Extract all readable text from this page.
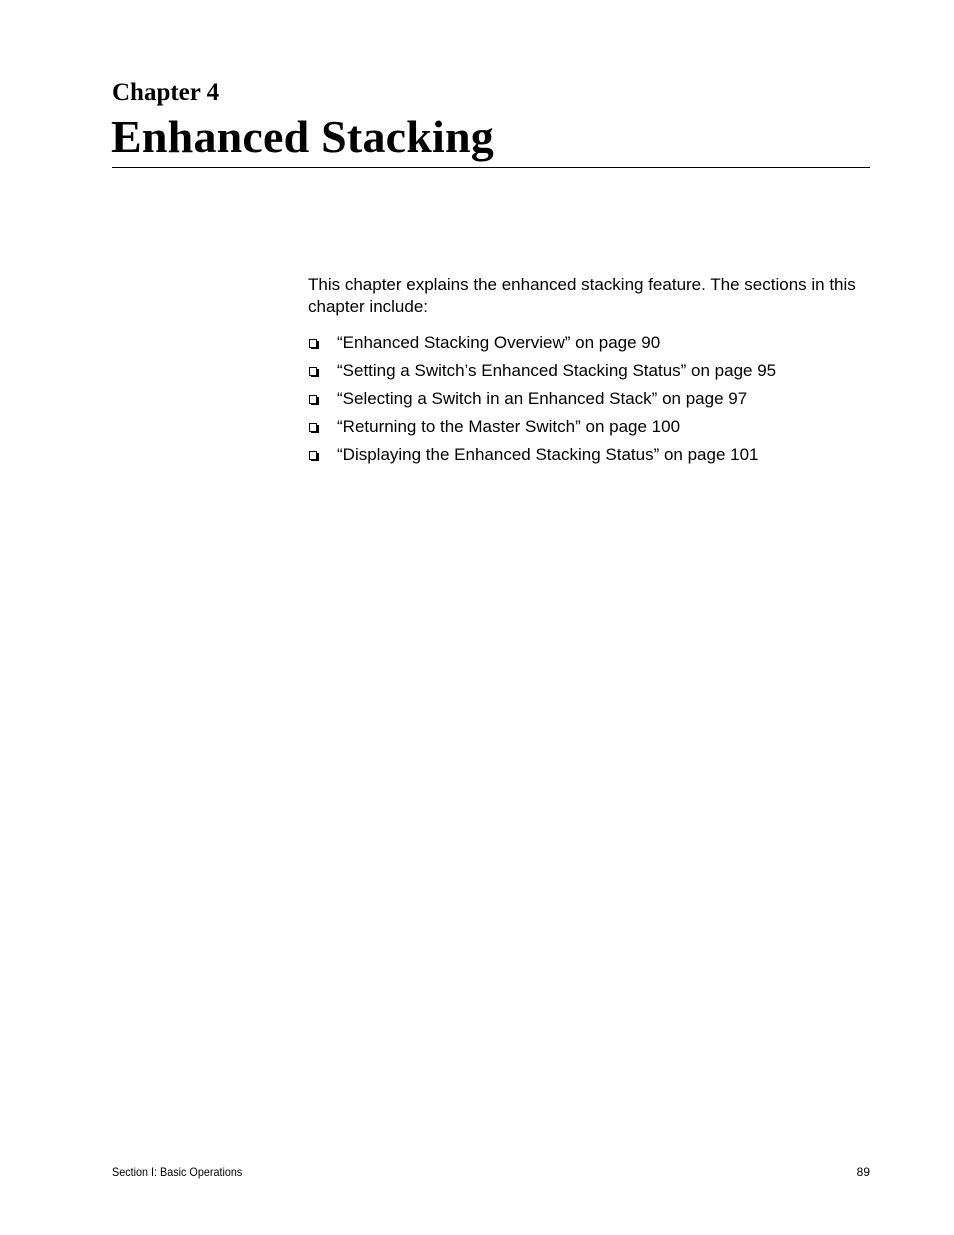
Chapter 4
Enhanced Stacking

This chapter explains the enhanced stacking feature. The sections in this chapter include:

“Enhanced Stacking Overview” on page 90
“Setting a Switch’s Enhanced Stacking Status” on page 95
“Selecting a Switch in an Enhanced Stack” on page 97
“Returning to the Master Switch” on page 100
“Displaying the Enhanced Stacking Status” on page 101
Section I: Basic Operations	89
